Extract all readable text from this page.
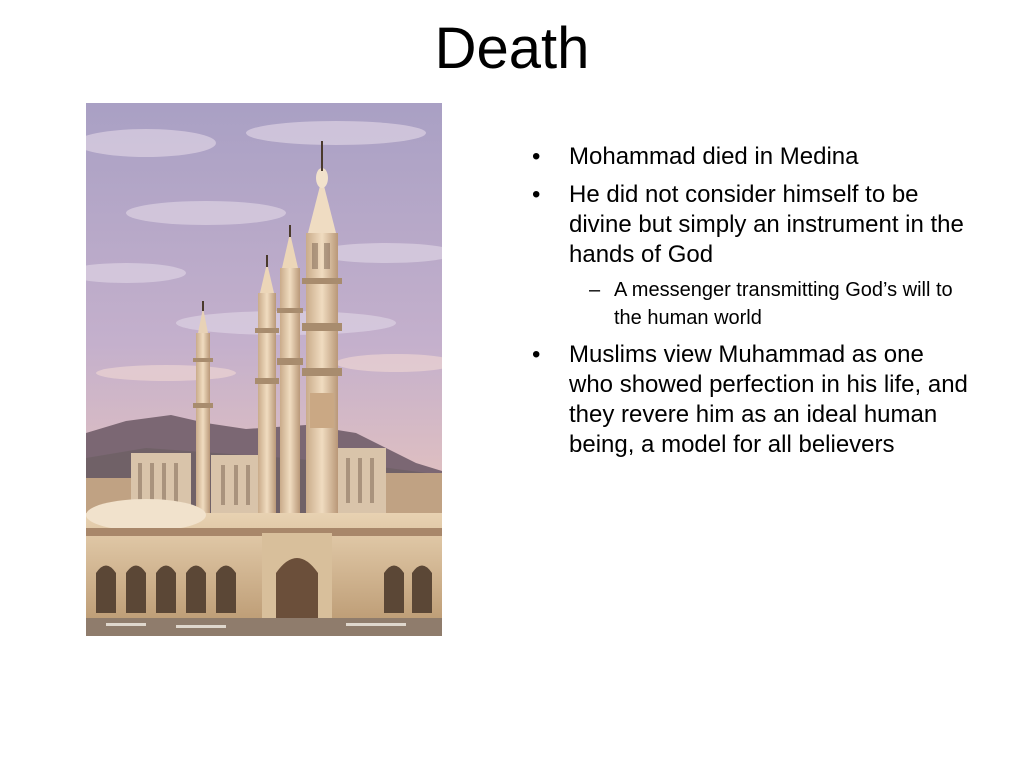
Death
•	Mohammad died in Medina
•	He did not consider himself to be divine but simply an instrument in the hands of God
– A messenger transmitting God’s will to the human world
•	Muslims view Muhammad as one who showed perfection in his life, and they revere him as an ideal human being, a model for all believers
